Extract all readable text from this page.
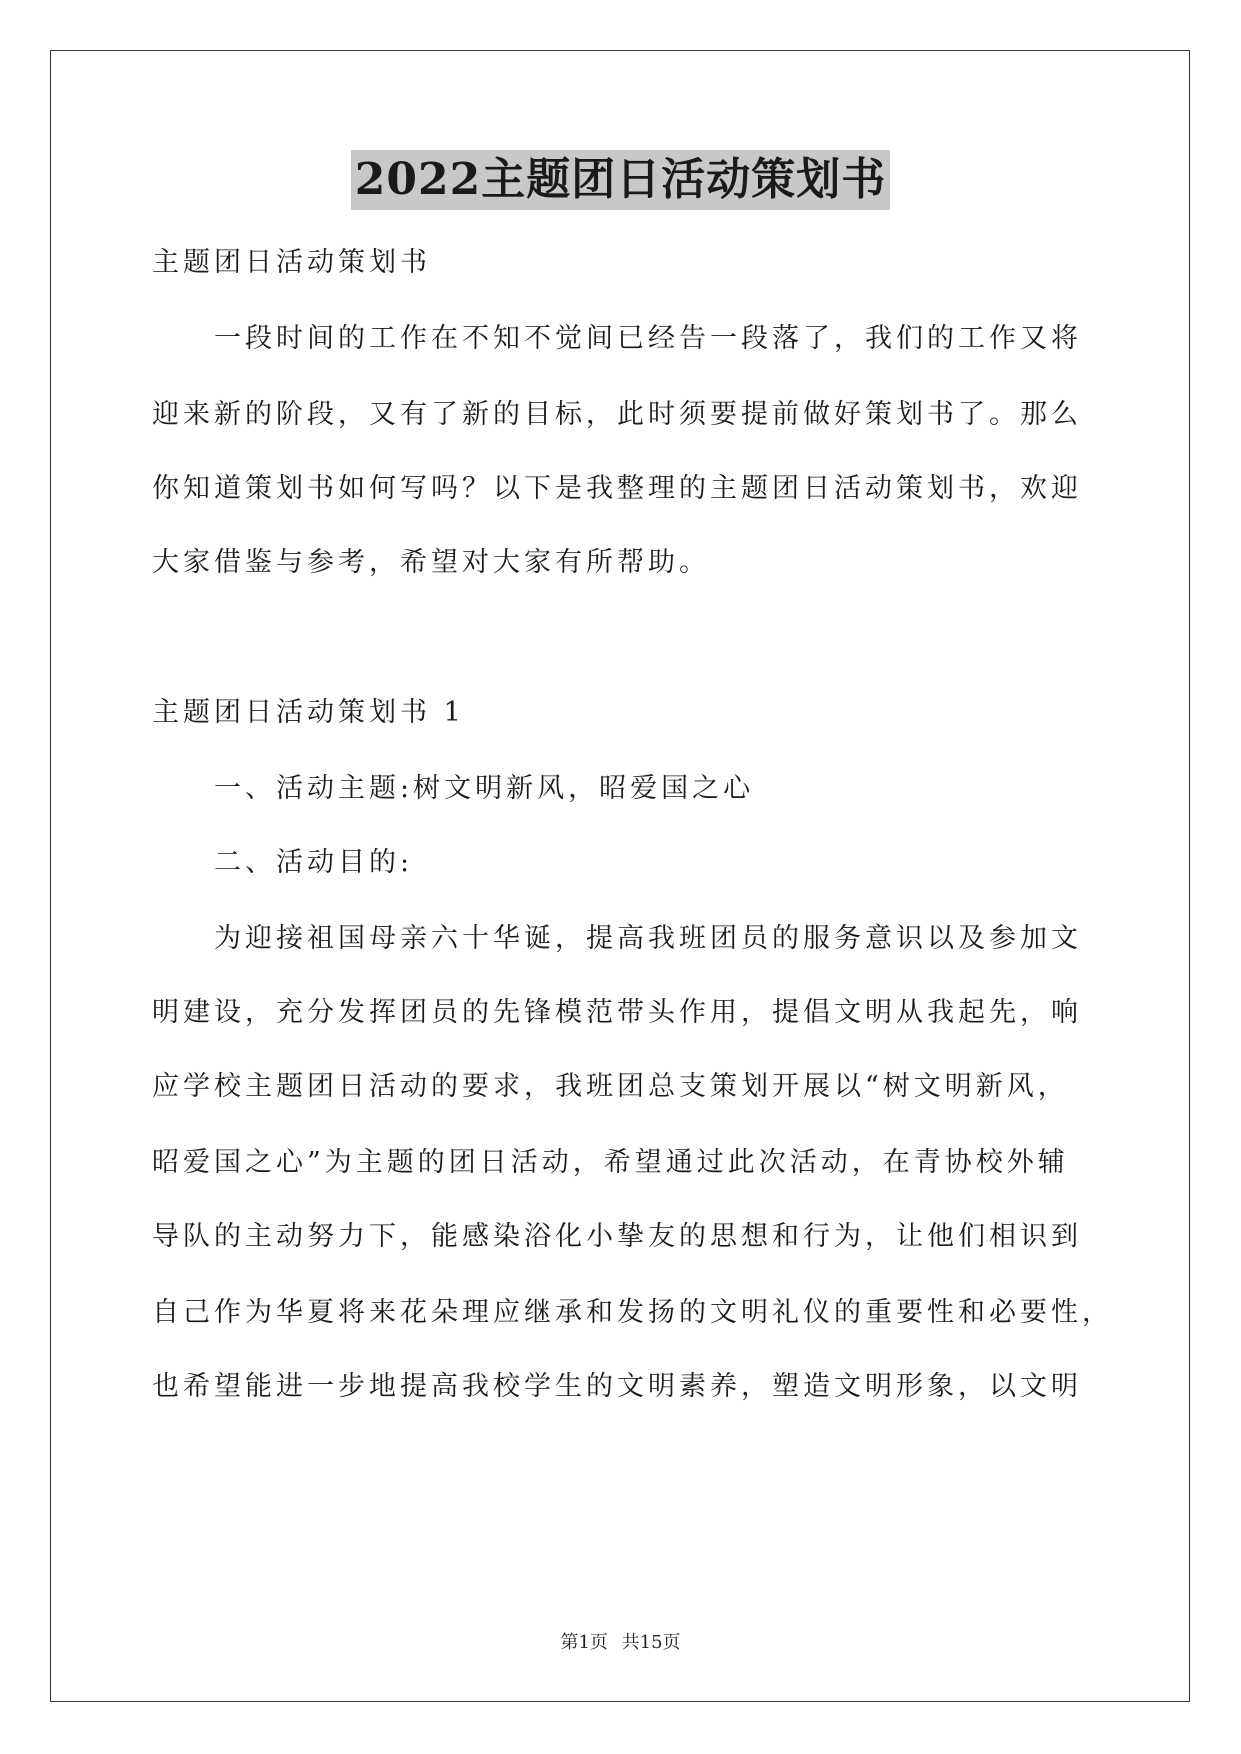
2022主题团日活动策划书

主题团日活动策划书

一段时间的工作在不知不觉间已经告一段落了，我们的工作又将

迎来新的阶段，又有了新的目标，此时须要提前做好策划书了。那么

你知道策划书如何写吗？以下是我整理的主题团日活动策划书，欢迎

大家借鉴与参考，希望对大家有所帮助。

主题团日活动策划书 1

一、活动主题:树文明新风，昭爱国之心

二、活动目的:

为迎接祖国母亲六十华诞，提高我班团员的服务意识以及参加文

明建设，充分发挥团员的先锋模范带头作用，提倡文明从我起先，响

应学校主题团日活动的要求，我班团总支策划开展以“树文明新风，

昭爱国之心”为主题的团日活动，希望通过此次活动，在青协校外辅

导队的主动努力下，能感染浴化小挚友的思想和行为，让他们相识到

自己作为华夏将来花朵理应继承和发扬的文明礼仪的重要性和必要性，

也希望能进一步地提高我校学生的文明素养，塑造文明形象，以文明

第1页 共15页
